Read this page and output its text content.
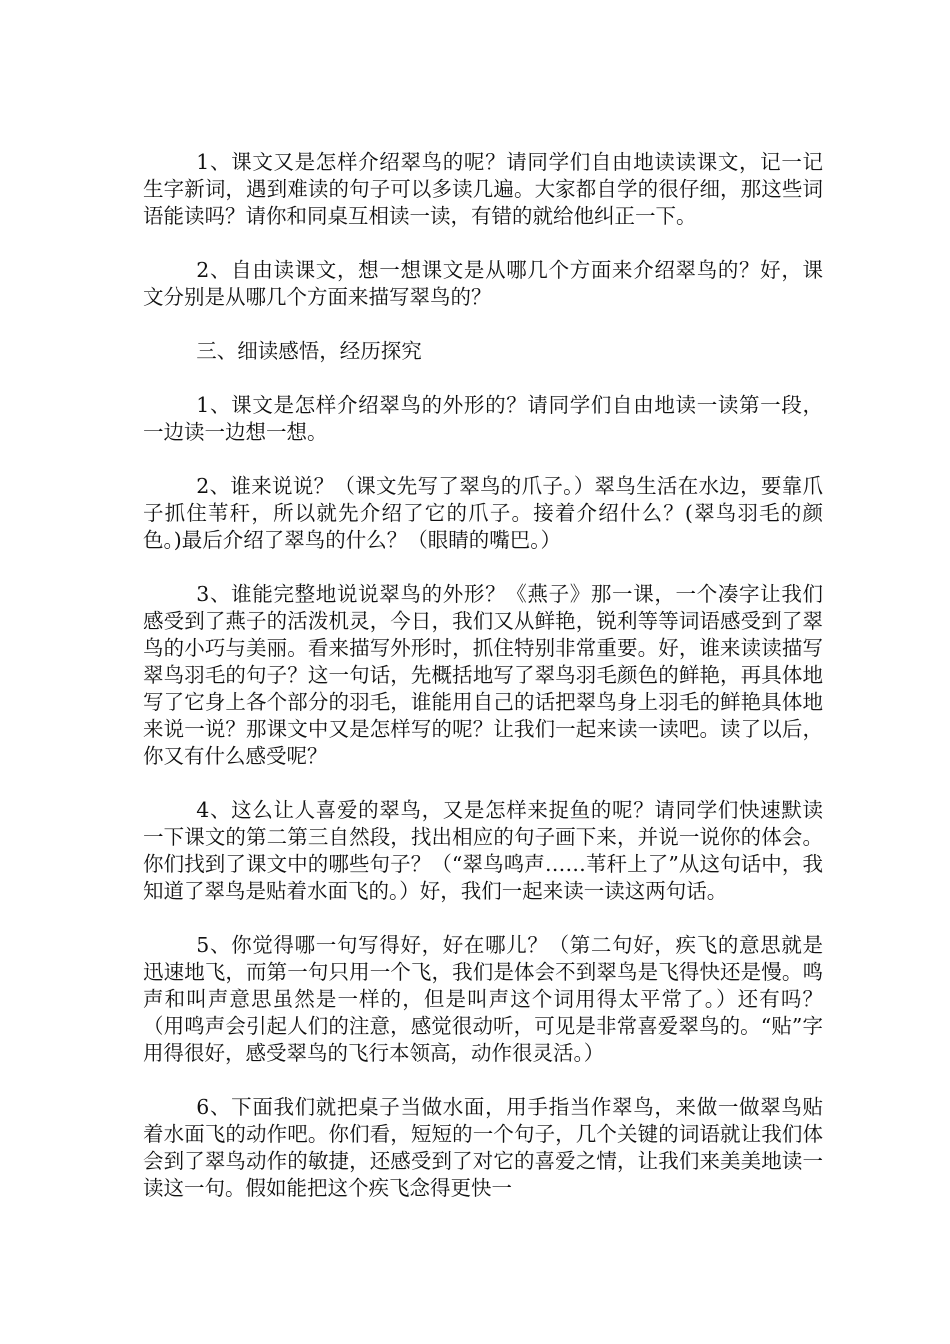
1、课文又是怎样介绍翠鸟的呢？请同学们自由地读读课文，记一记生字新词，遇到难读的句子可以多读几遍。大家都自学的很仔细，那这些词语能读吗？请你和同桌互相读一读，有错的就给他纠正一下。

2、自由读课文，想一想课文是从哪几个方面来介绍翠鸟的？好，课文分别是从哪几个方面来描写翠鸟的？

三、细读感悟，经历探究

1、课文是怎样介绍翠鸟的外形的？请同学们自由地读一读第一段，一边读一边想一想。

2、谁来说说？（课文先写了翠鸟的爪子。）翠鸟生活在水边，要靠爪子抓住苇秆，所以就先介绍了它的爪子。接着介绍什么？(翠鸟羽毛的颜色。)最后介绍了翠鸟的什么？（眼睛的嘴巴。）

3、谁能完整地说说翠鸟的外形？《燕子》那一课，一个凑字让我们感受到了燕子的活泼机灵，今日，我们又从鲜艳，锐利等等词语感受到了翠鸟的小巧与美丽。看来描写外形时，抓住特别非常重要。好，谁来读读描写翠鸟羽毛的句子？这一句话，先概括地写了翠鸟羽毛颜色的鲜艳，再具体地写了它身上各个部分的羽毛，谁能用自己的话把翠鸟身上羽毛的鲜艳具体地来说一说？那课文中又是怎样写的呢？让我们一起来读一读吧。读了以后，你又有什么感受呢？

4、这么让人喜爱的翠鸟，又是怎样来捉鱼的呢？请同学们快速默读一下课文的第二第三自然段，找出相应的句子画下来，并说一说你的体会。你们找到了课文中的哪些句子？（“翠鸟鸣声……苇秆上了”从这句话中，我知道了翠鸟是贴着水面飞的。）好，我们一起来读一读这两句话。

5、你觉得哪一句写得好，好在哪儿？（第二句好，疾飞的意思就是迅速地飞，而第一句只用一个飞，我们是体会不到翠鸟是飞得快还是慢。鸣声和叫声意思虽然是一样的，但是叫声这个词用得太平常了。）还有吗？（用鸣声会引起人们的注意，感觉很动听，可见是非常喜爱翠鸟的。“贴”字用得很好，感受翠鸟的飞行本领高，动作很灵活。）

6、下面我们就把桌子当做水面，用手指当作翠鸟，来做一做翠鸟贴着水面飞的动作吧。你们看，短短的一个句子，几个关键的词语就让我们体会到了翠鸟动作的敏捷，还感受到了对它的喜爱之情，让我们来美美地读一读这一句。假如能把这个疾飞念得更快一
